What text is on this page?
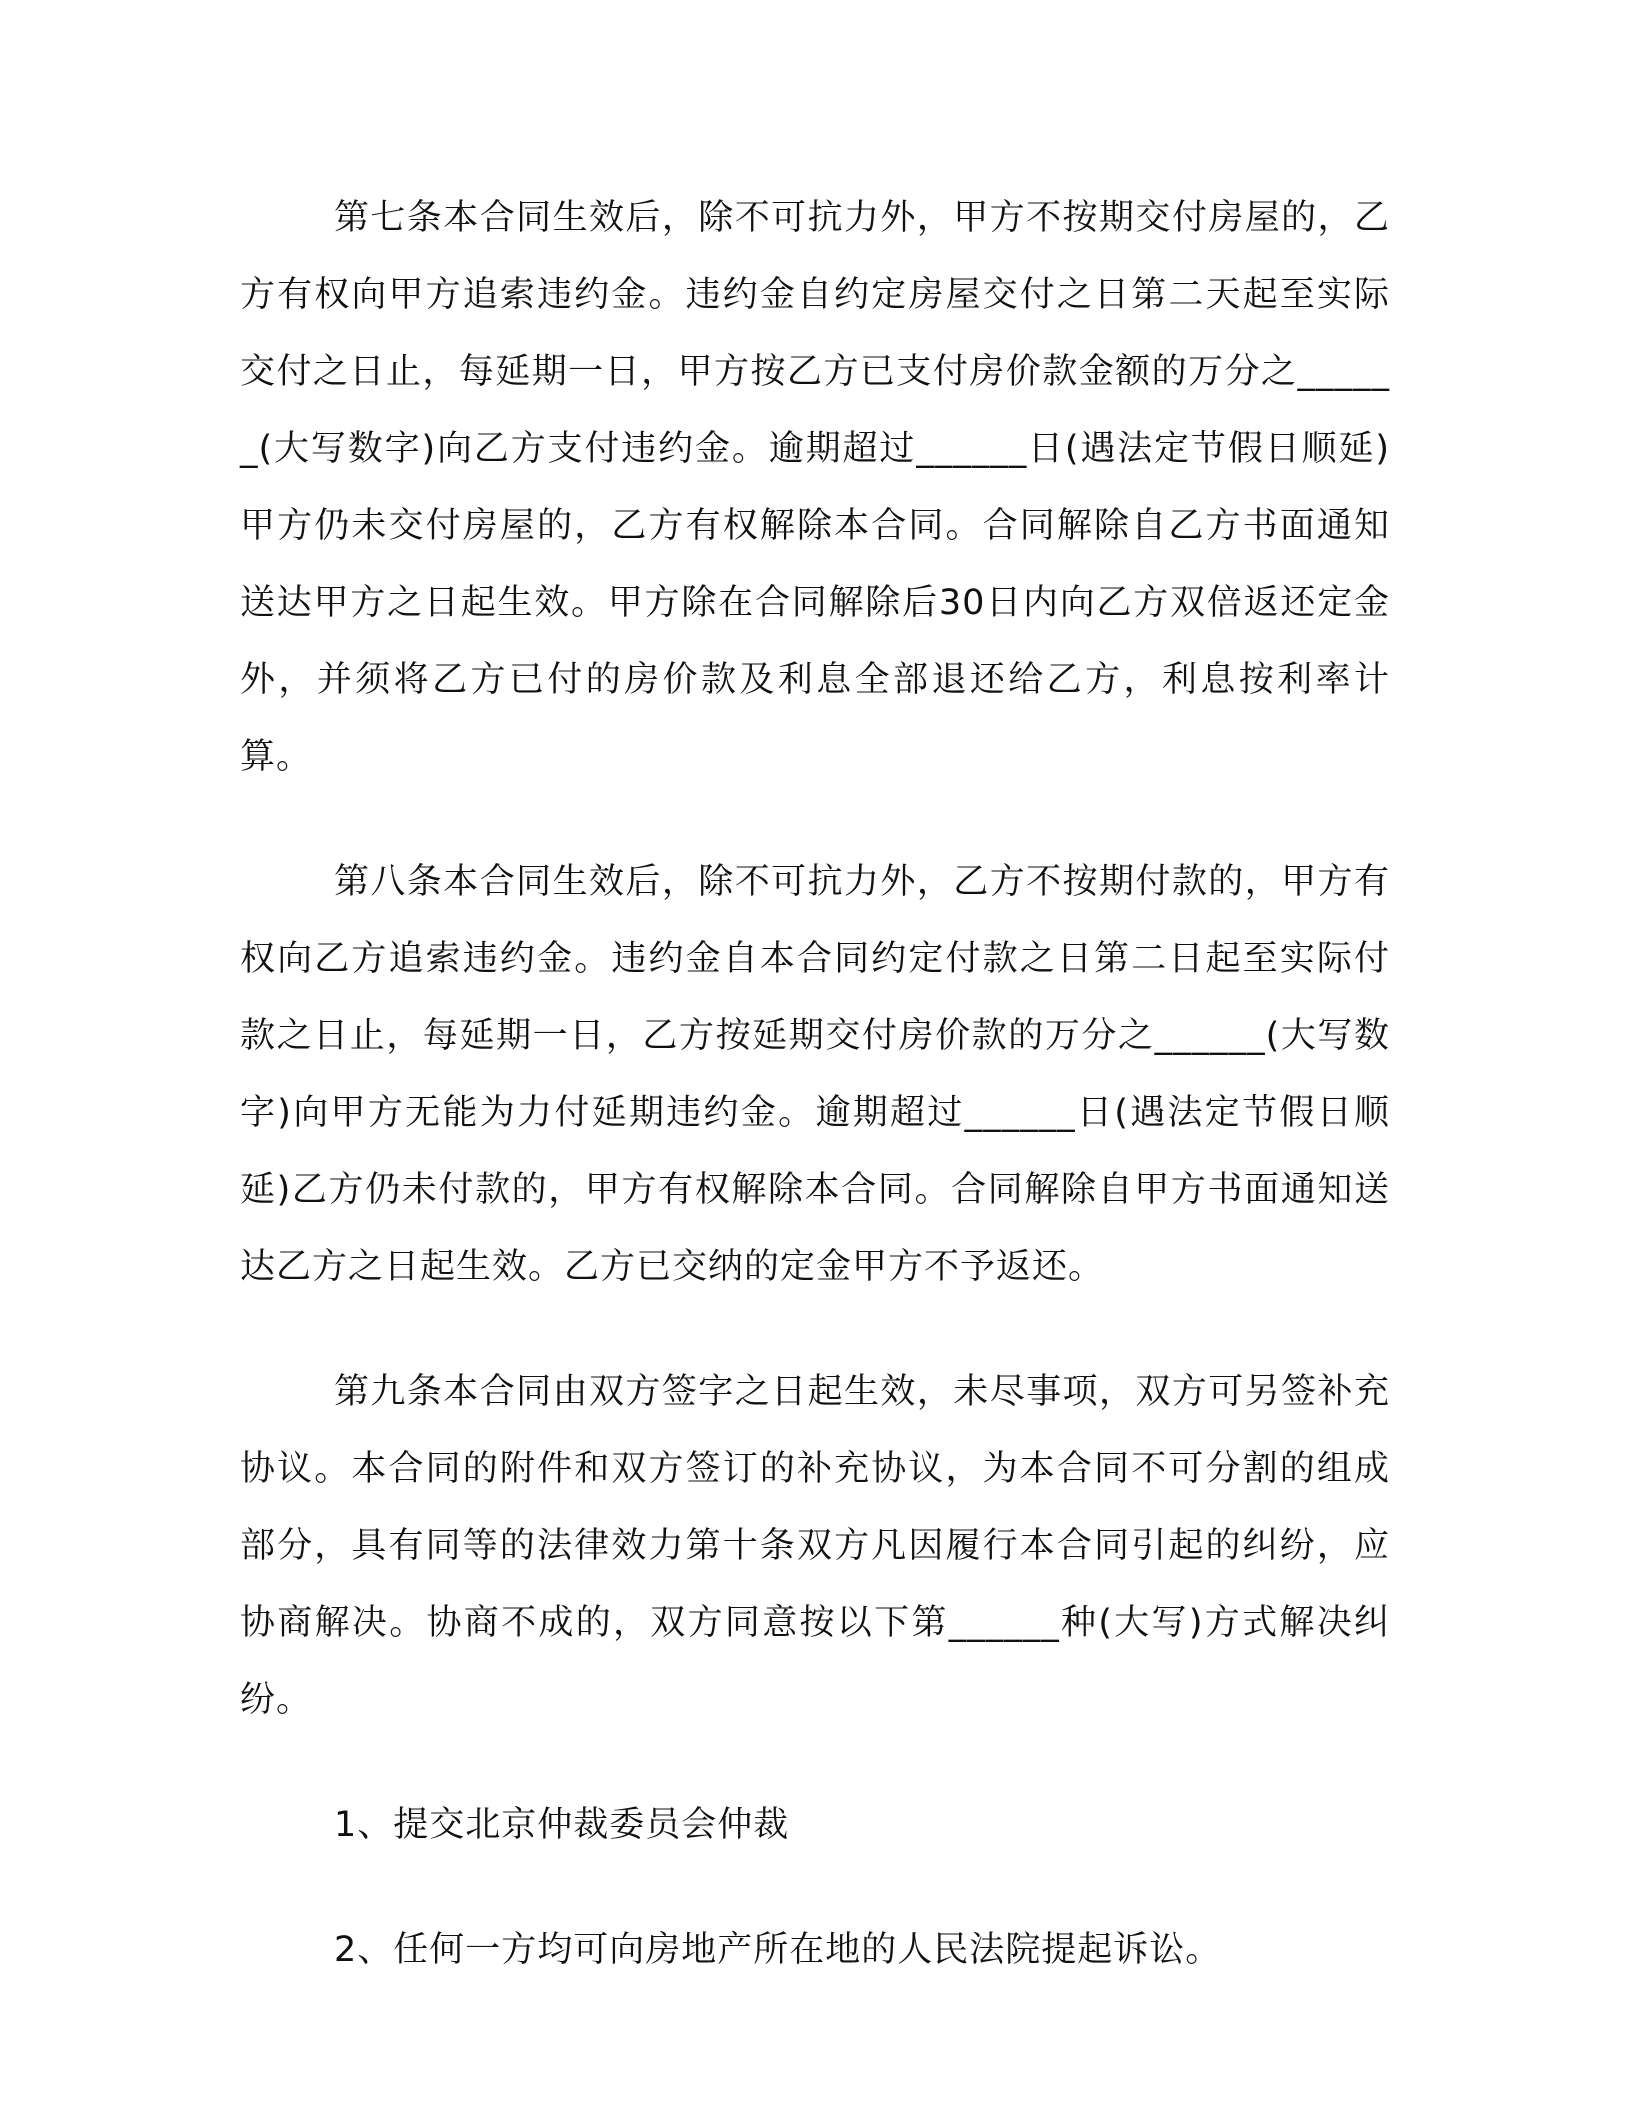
第七条本合同生效后，除不可抗力外，甲方不按期交付房屋的，乙方有权向甲方追索违约金。违约金自约定房屋交付之日第二天起至实际交付之日止，每延期一日，甲方按乙方已支付房价款金额的万分之______(大写数字)向乙方支付违约金。逾期超过______日(遇法定节假日顺延)甲方仍未交付房屋的，乙方有权解除本合同。合同解除自乙方书面通知送达甲方之日起生效。甲方除在合同解除后30日内向乙方双倍返还定金外，并须将乙方已付的房价款及利息全部退还给乙方，利息按利率计算。

第八条本合同生效后，除不可抗力外，乙方不按期付款的，甲方有权向乙方追索违约金。违约金自本合同约定付款之日第二日起至实际付款之日止，每延期一日，乙方按延期交付房价款的万分之______(大写数字)向甲方无能为力付延期违约金。逾期超过______日(遇法定节假日顺延)乙方仍未付款的，甲方有权解除本合同。合同解除自甲方书面通知送达乙方之日起生效。乙方已交纳的定金甲方不予返还。

第九条本合同由双方签字之日起生效，未尽事项，双方可另签补充协议。本合同的附件和双方签订的补充协议，为本合同不可分割的组成部分，具有同等的法律效力第十条双方凡因履行本合同引起的纠纷，应协商解决。协商不成的，双方同意按以下第______种(大写)方式解决纠纷。

1、提交北京仲裁委员会仲裁

2、任何一方均可向房地产所在地的人民法院提起诉讼。
